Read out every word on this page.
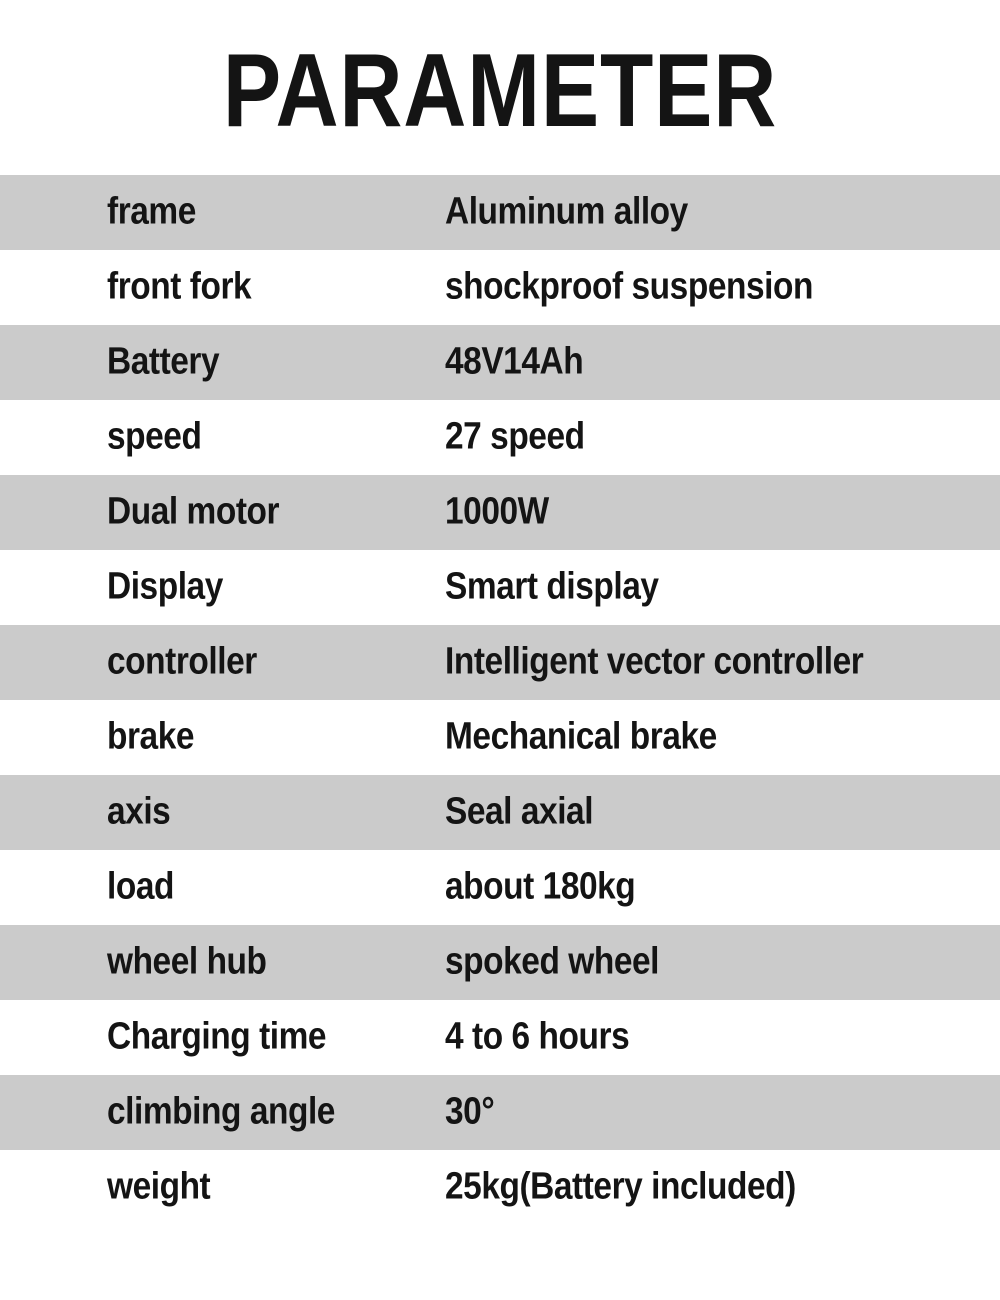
PARAMETER
frame	Aluminum alloy
front fork	shockproof suspension
Battery	48V14Ah
speed	27 speed
Dual motor	1000W
Display	Smart display
controller	Intelligent vector controller
brake	Mechanical brake
axis	Seal axial
load	about 180kg
wheel hub	spoked wheel
Charging time	4 to 6 hours
climbing angle	30°
weight	25kg(Battery included)
